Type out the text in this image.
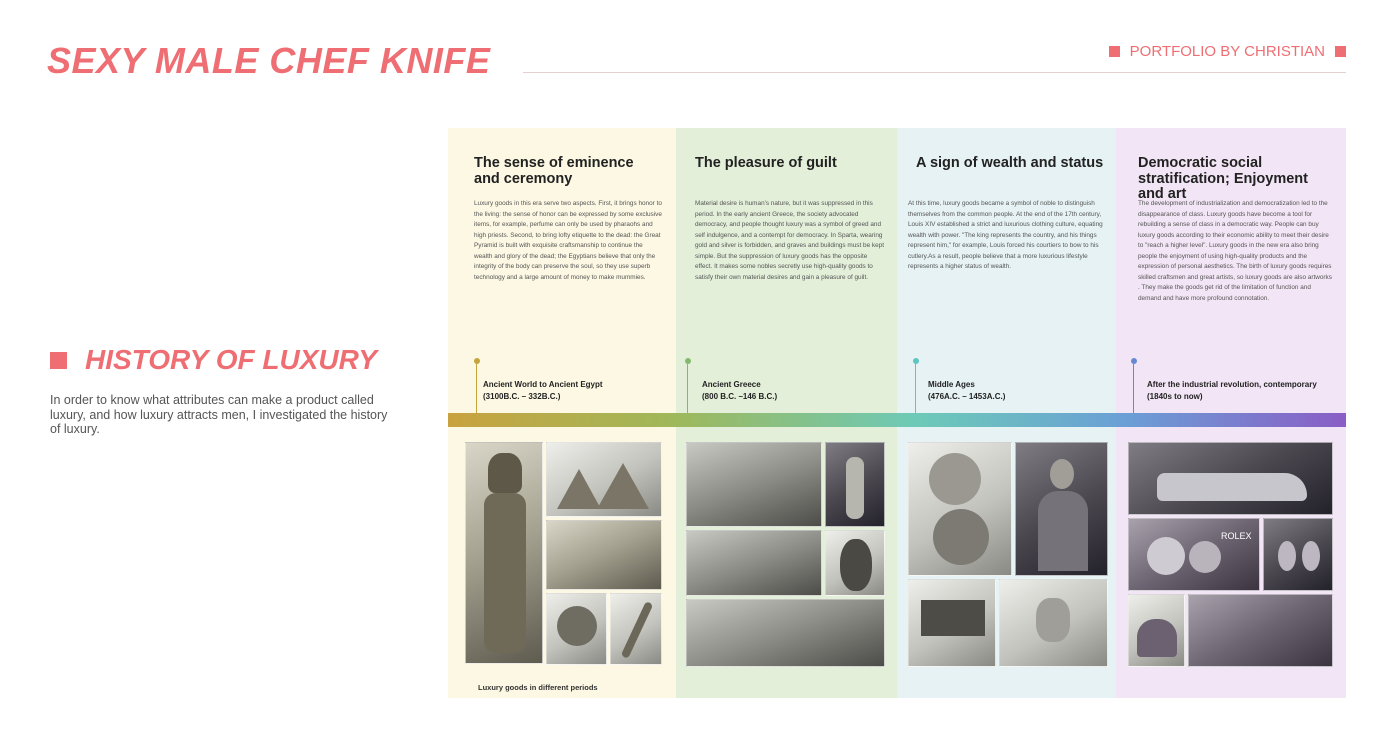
SEXY MALE CHEF KNIFE	PORTFOLIO BY CHRISTIAN
HISTORY OF LUXURY

In order to know what attributes can make a product called luxury, and how luxury attracts men, I investigated the history of luxury.

The sense of eminence and ceremony

Luxury goods in this era serve two aspects. First, it brings honor to the living: the sense of honor can be expressed by some exclusive items, for example, perfume can only be used by pharaohs and high priests. Second, to bring lofty etiquette to the dead: the Great Pyramid is built with exquisite craftsmanship to continue the wealth and glory of the dead; the Egyptians believe that only the integrity of the body can preserve the soul, so they use superb technology and a large amount of money to make mummies.

Ancient World to Ancient Egypt
(3100B.C. – 332B.C.)
The pleasure of guilt

Material desire is human's nature, but it was suppressed in this period. In the early ancient Greece, the society advocated democracy, and people thought luxury was a symbol of greed and self indulgence, and a contempt for democracy. In Sparta, wearing gold and silver is forbidden, and graves and buildings must be kept simple. But the suppression of luxury goods has the opposite effect. It makes some nobles secretly use high-quality goods to satisfy their own material desires and gain a pleasure of guilt.

Ancient Greece
(800 B.C. –146 B.C.)
A sign of wealth and status

At this time, luxury goods became a symbol of noble to distinguish themselves from the common people. At the end of the 17th century, Louis XIV established a strict and luxurious clothing culture, equating wealth with power. "The king represents the country, and his things represent him," for example, Louis forced his courtiers to bow to his cutlery.As a result, people believe that a more luxurious lifestyle represents a higher status of wealth.

Middle Ages
(476A.C. – 1453A.C.)
Democratic social stratification; Enjoyment and art

The development of industrialization and democratization led to the disappearance of class. Luxury goods have become a tool for rebuilding a sense of class in a democratic way. People can buy luxury goods according to their economic ability to meet their desire to "reach a higher level". Luxury goods in the new era also bring people the enjoyment of using high-quality products and the expression of personal aesthetics. The birth of luxury goods requires skilled craftsmen and great artists, so luxury goods are also artworks . They make the goods get rid of the limitation of function and demand and have more profound connotation.

After the industrial revolution, contemporary
(1840s to now)
ROLEX
Luxury goods in different periods
